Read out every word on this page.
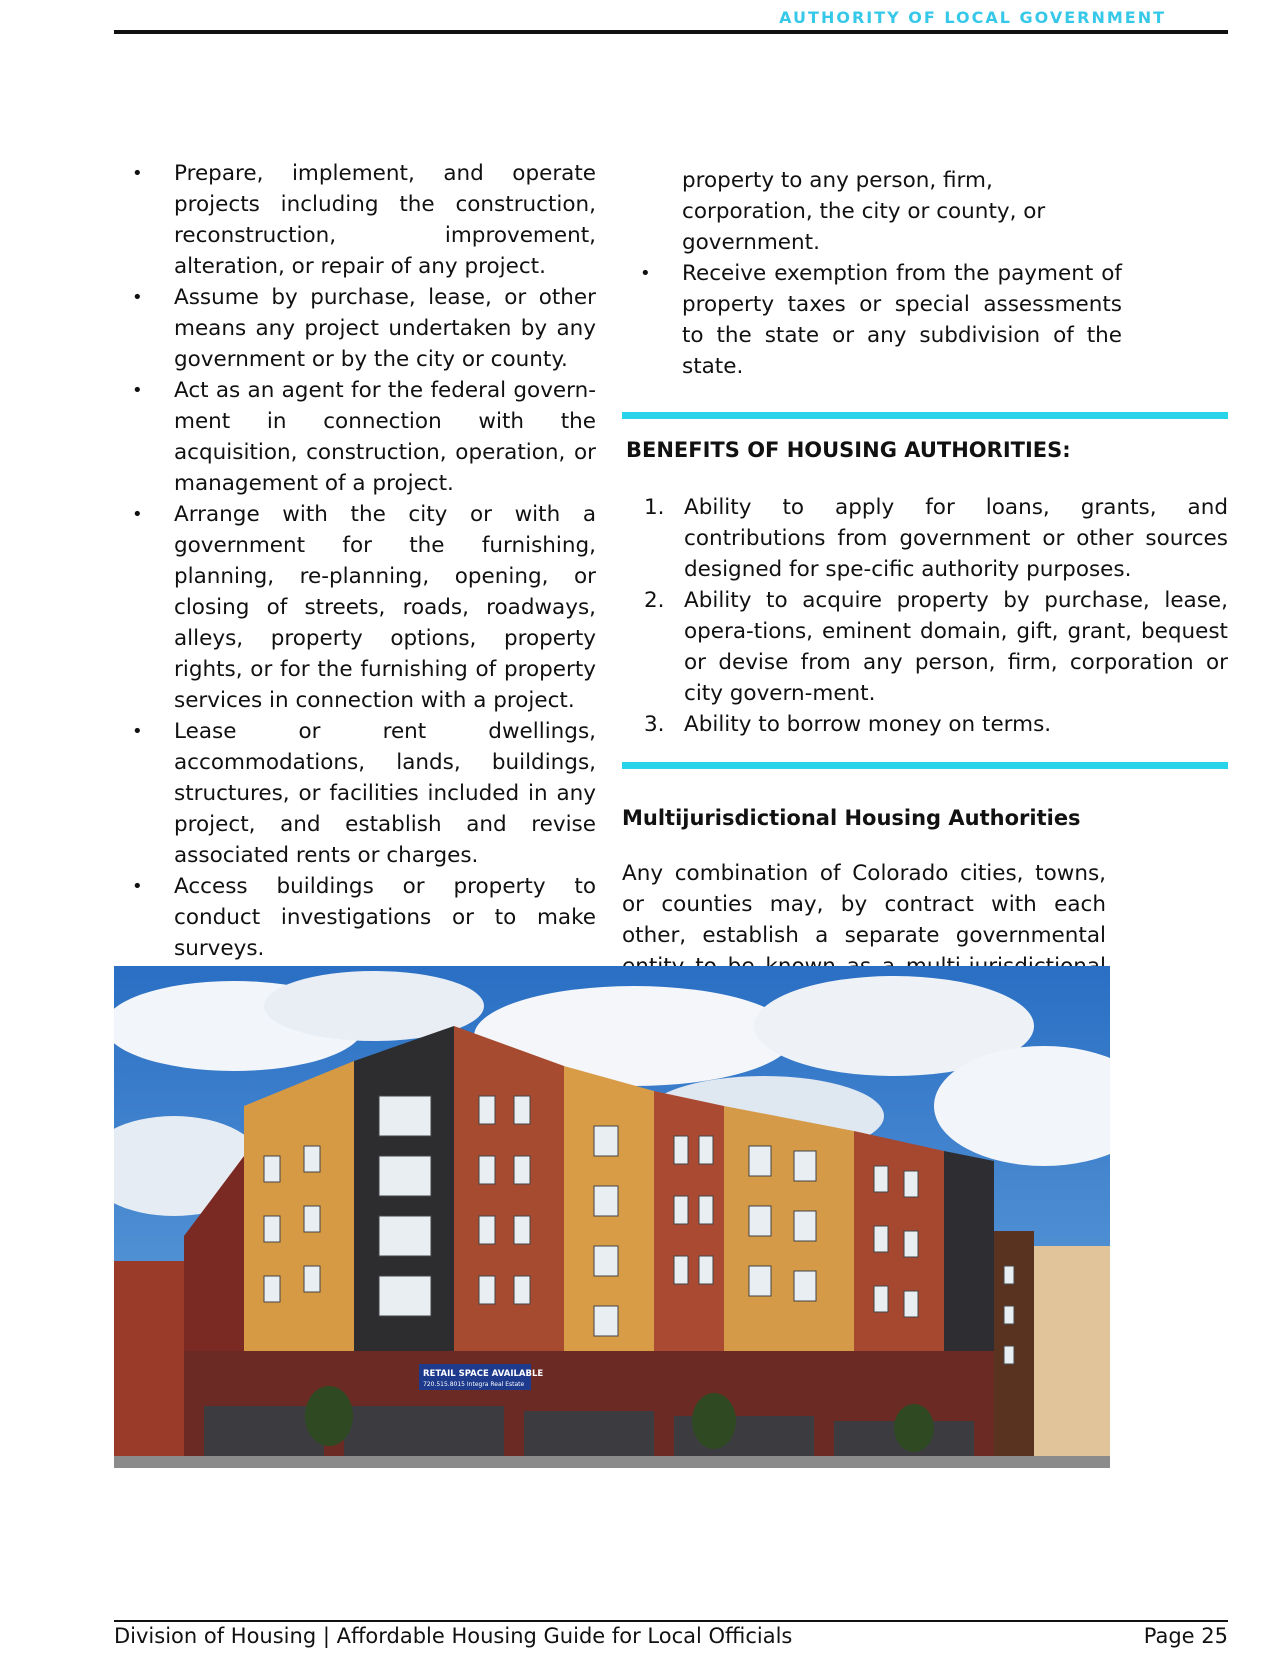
AUTHORITY OF LOCAL GOVERNMENT
• Prepare, implement, and operate projects including the construction, reconstruction, improvement, alteration, or repair of any project.
• Assume by purchase, lease, or other means any project undertaken by any government or by the city or county.
• Act as an agent for the federal govern-ment in connection with the acquisition, construction, operation, or management of a project.
• Arrange with the city or with a government for the furnishing, planning, re-planning, opening, or closing of streets, roads, roadways, alleys, property options, property rights, or for the furnishing of property services in connection with a project.
• Lease or rent dwellings, accommodations, lands, buildings, structures, or facilities included in any project, and establish and revise associated rents or charges.
• Access buildings or property to conduct investigations or to make surveys.
•
property to any person, firm, corporation, the city or county, or government.
• Receive exemption from the payment of property taxes or special assessments to the state or any subdivision of the state.
BENEFITS OF HOUSING AUTHORITIES:
1. Ability to apply for loans, grants, and contributions from government or other sources designed for spe-cific authority purposes.
2. Ability to acquire property by purchase, lease, opera-tions, eminent domain, gift, grant, bequest or devise from any person, firm, corporation or city govern-ment.
3. Ability to borrow money on terms.
Multijurisdictional Housing Authorities
Any combination of Colorado cities, towns, or counties may, by contract with each other, establish a separate governmental
RETAIL SPACE AVAILABLE
720.515.8015 Integra Real Estate
Division of Housing | Affordable Housing Guide for Local Officials	Page 25
